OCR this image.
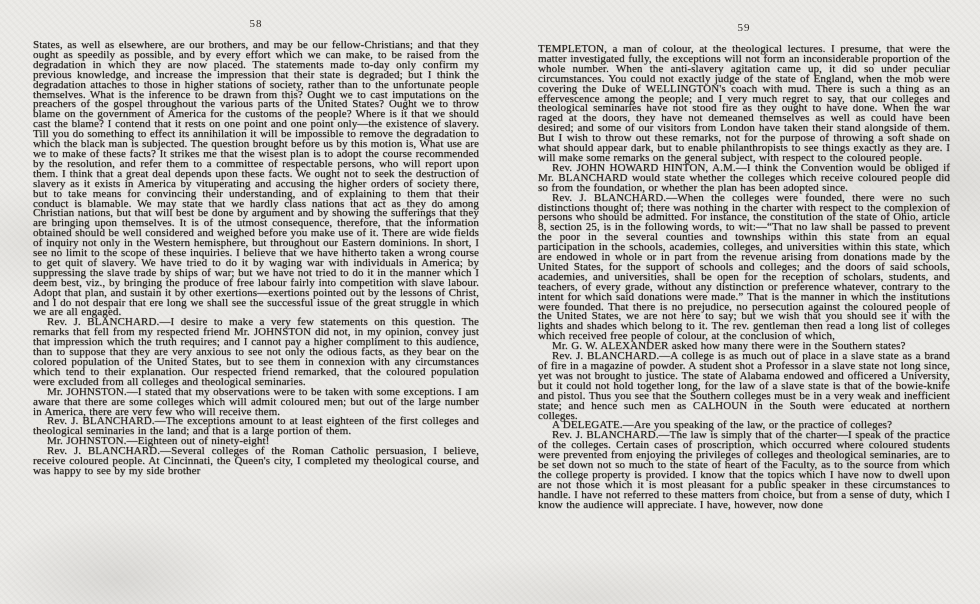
58

States, as well as elsewhere, are our brothers, and may be our fellow-Christians; and that they ought as speedily as possible, and by every effort which we can make, to be raised from the degradation in which they are now placed. The statements made to-day only confirm my previous knowledge, and increase the impression that their state is degraded; but I think the degradation attaches to those in higher stations of society, rather than to the unfortunate people themselves. What is the inference to be drawn from this? Ought we to cast imputations on the preachers of the gospel throughout the various parts of the United States? Ought we to throw blame on the government of America for the customs of the people? Where is it that we should cast the blame? I contend that it rests on one point and one point only—the existence of slavery. Till you do something to effect its annihilation it will be impossible to remove the degradation to which the black man is subjected. The question brought before us by this motion is, What use are we to make of these facts? It strikes me that the wisest plan is to adopt the course recommended by the resolution, and refer them to a committee of respectable persons, who will report upon them. I think that a great deal depends upon these facts. We ought not to seek the destruction of slavery as it exists in America by vituperating and accusing the higher orders of society there, but to take means for convincing their understanding, and of explaining to them that their conduct is blamable. We may state that we hardly class nations that act as they do among Christian nations, but that will best be done by argument and by showing the sufferings that they are bringing upon themselves. It is of the utmost consequence, therefore, that the information obtained should be well considered and weighed before you make use of it. There are wide fields of inquiry not only in the Western hemisphere, but throughout our Eastern dominions. In short, I see no limit to the scope of these inquiries. I believe that we have hitherto taken a wrong course to get quit of slavery. We have tried to do it by waging war with individuals in America; by suppressing the slave trade by ships of war; but we have not tried to do it in the manner which I deem best, viz., by bringing the produce of free labour fairly into competition with slave labour. Adopt that plan, and sustain it by other exertions—exertions pointed out by the lessons of Christ, and I do not despair that ere long we shall see the successful issue of the great struggle in which we are all engaged.

Rev. J. BLANCHARD.—I desire to make a very few statements on this question. The remarks that fell from my respected friend Mr. JOHNSTON did not, in my opinion, convey just that impression which the truth requires; and I cannot pay a higher compliment to this audience, than to suppose that they are very anxious to see not only the odious facts, as they bear on the colored population of the United States, but to see them in connexion with any circumstances which tend to their explanation. Our respected friend remarked, that the coloured population were excluded from all colleges and theological seminaries.

Mr. JOHNSTON.—I stated that my observations were to be taken with some exceptions. I am aware that there are some colleges which will admit coloured men; but out of the large number in America, there are very few who will receive them.

Rev. J. BLANCHARD.—The exceptions amount to at least eighteen of the first colleges and theological seminaries in the land; and that is a large portion of them.

Mr. JOHNSTON.—Eighteen out of ninety-eight!

Rev. J. BLANCHARD.—Several colleges of the Roman Catholic persuasion, I believe, receive coloured people. At Cincinnati, the Queen's city, I completed my theological course, and was happy to see by my side brother

59

TEMPLETON, a man of colour, at the theological lectures. I presume, that were the matter investigated fully, the exceptions will not form an inconsiderable proportion of the whole number. When the anti-slavery agitation came up, it did so under peculiar circumstances. You could not exactly judge of the state of England, when the mob were covering the Duke of WELLINGTON's coach with mud. There is such a thing as an effervescence among the people; and I very much regret to say, that our colleges and theological seminaries have not stood fire as they ought to have done. When the war raged at the doors, they have not demeaned themselves as well as could have been desired; and some of our visitors from London have taken their stand alongside of them. But I wish to throw out these remarks, not for the purpose of throwing a soft shade on what should appear dark, but to enable philanthropists to see things exactly as they are. I will make some remarks on the general subject, with respect to the coloured people.

Rev. JOHN HOWARD HINTON, A.M.—I think the Convention would be obliged if Mr. BLANCHARD would state whether the colleges which receive coloured people did so from the foundation, or whether the plan has been adopted since.

Rev. J. BLANCHARD.—When the colleges were founded, there were no such distinctions thought of; there was nothing in the charter with respect to the complexion of persons who should be admitted. For instance, the constitution of the state of Ohio, article 8, section 25, is in the following words, to wit:—“That no law shall be passed to prevent the poor in the several counties and townships within this state from an equal participation in the schools, academies, colleges, and universities within this state, which are endowed in whole or in part from the revenue arising from donations made by the United States, for the support of schools and colleges; and the doors of said schools, academies, and universities, shall be open for the reception of scholars, students, and teachers, of every grade, without any distinction or preference whatever, contrary to the intent for which said donations were made.” That is the manner in which the institutions were founded. That there is no prejudice, no persecution against the coloured people of the United States, we are not here to say; but we wish that you should see it with the lights and shades which belong to it. The rev. gentleman then read a long list of colleges which received free people of colour, at the conclusion of which,

Mr. G. W. ALEXANDER asked how many there were in the Southern states?

Rev. J. BLANCHARD.—A college is as much out of place in a slave state as a brand of fire in a magazine of powder. A student shot a Professor in a slave state not long since, yet was not brought to justice. The state of Alabama endowed and officered a University, but it could not hold together long, for the law of a slave state is that of the bowie-knife and pistol. Thus you see that the Southern colleges must be in a very weak and inefficient state; and hence such men as CALHOUN in the South were educated at northern colleges.

A DELEGATE.—Are you speaking of the law, or the practice of colleges?

Rev. J. BLANCHARD.—The law is simply that of the charter—I speak of the practice of the colleges. Certain cases of proscription, which occurred where coloured students were prevented from enjoying the privileges of colleges and theological seminaries, are to be set down not so much to the state of heart of the Faculty, as to the source from which the college property is provided. I know that the topics which I have now to dwell upon are not those which it is most pleasant for a public speaker in these circumstances to handle. I have not referred to these matters from choice, but from a sense of duty, which I know the audience will appreciate. I have, however, now done
